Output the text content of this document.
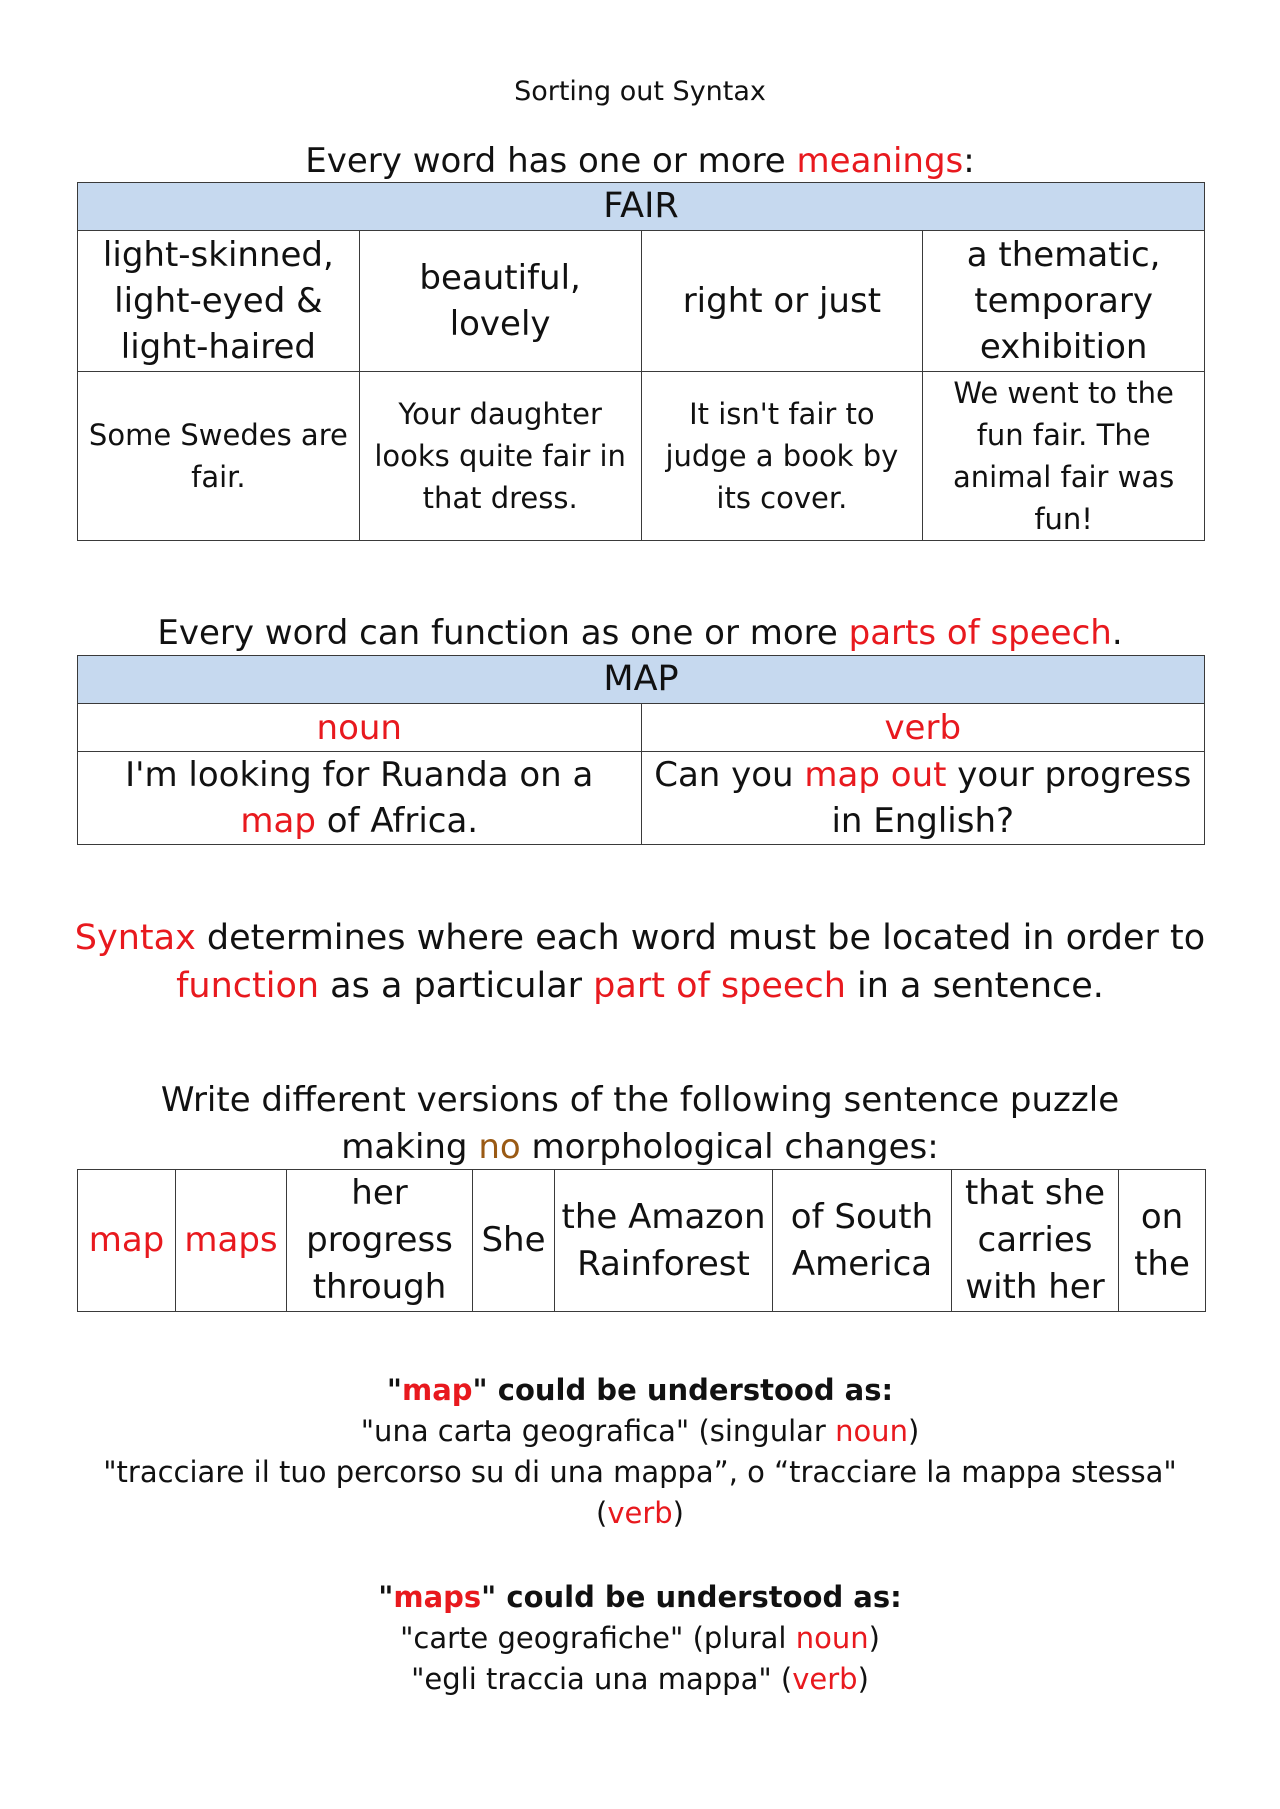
Sorting out Syntax
Every word has one or more meanings:
FAIR			
light-skinned, light-eyed & light-haired	beautiful, lovely	right or just	a thematic, temporary exhibition
Some Swedes are fair.	Your daughter looks quite fair in that dress.	It isn't fair to judge a book by its cover.	We went to the fun fair. The animal fair was fun!
Every word can function as one or more parts of speech.
MAP	
noun	verb
I'm looking for Ruanda on a map of Africa.	Can you map out your progress in English?
Syntax determines where each word must be located in order to
function as a particular part of speech in a sentence.
Write different versions of the following sentence puzzle making no morphological changes:
map	maps	her progress through	She	the Amazon Rainforest	of South America	that she carries with her	on the
"map" could be understood as:
"una carta geografica" (singular noun)
"tracciare il tuo percorso su di una mappa”, o “tracciare la mappa stessa"
(verb)
"maps" could be understood as:
"carte geografiche" (plural noun)
"egli traccia una mappa" (verb)
